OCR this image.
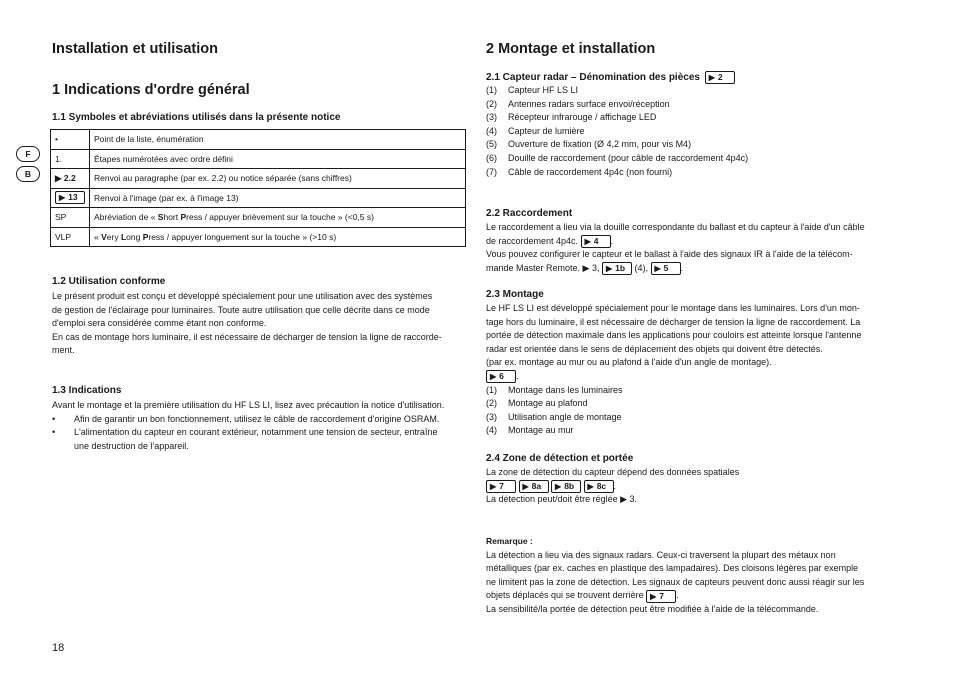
Installation et utilisation
1 Indications d'ordre général
1.1 Symboles et abréviations utilisés dans la présente notice
•	Point de la liste, énumération
1.	Étapes numérotées avec ordre défini
▶ 2.2	Renvoi au paragraphe (par ex. 2.2) ou notice séparée (sans chiffres)
▶ 13	Renvoi à l'image (par ex. à l'image 13)
SP	Abréviation de « Short Press / appuyer brièvement sur la touche » (<0,5 s)
VLP	« Very Long Press / appuyer longuement sur la touche » (>10 s)
F
B
1.2 Utilisation conforme
Le présent produit est conçu et développé spécialement pour une utilisation avec des systèmes
de gestion de l'éclairage pour luminaires. Toute autre utilisation que celle décrite dans ce mode
d'emploi sera considérée comme étant non conforme.
En cas de montage hors luminaire, il est nécessaire de décharger de tension la ligne de raccorde-
ment.
1.3 Indications
Avant le montage et la première utilisation du HF LS LI, lisez avec précaution la notice d'utilisation.
• Afin de garantir un bon fonctionnement, utilisez le câble de raccordement d'origine OSRAM.
• L'alimentation du capteur en courant extérieur, notamment une tension de secteur, entraîne
une destruction de l'appareil.
18
2 Montage et installation
2.1 Capteur radar – Dénomination des pièces ▶ 2
(1) Capteur HF LS LI
(2) Antennes radars surface envoi/réception
(3) Récepteur infrarouge / affichage LED
(4) Capteur de lumière
(5) Ouverture de fixation (Ø 4,2 mm, pour vis M4)
(6) Douille de raccordement (pour câble de raccordement 4p4c)
(7) Câble de raccordement 4p4c (non fourni)
2.2 Raccordement
Le raccordement a lieu via la douille correspondante du ballast et du capteur à l'aide d'un câble
de raccordement 4p4c. ▶ 4 .
Vous pouvez configurer le capteur et le ballast à l'aide des signaux IR à l'aide de la télécom-
mande Master Remote. ▶ 3, ▶ 1b (4), ▶ 5 .
2.3 Montage
Le HF LS LI est développé spécialement pour le montage dans les luminaires. Lors d'un mon-
tage hors du luminaire, il est nécessaire de décharger de tension la ligne de raccordement. La
portée de détection maximale dans les applications pour couloirs est atteinte lorsque l'antenne
radar est orientée dans le sens de déplacement des objets qui doivent être détectés.
(par ex. montage au mur ou au plafond à l'aide d'un angle de montage).
▶ 6 .
(1) Montage dans les luminaires
(2) Montage au plafond
(3) Utilisation angle de montage
(4) Montage au mur
2.4 Zone de détection et portée
La zone de détection du capteur dépend des données spatiales
▶ 7 ▶ 8a ▶ 8b ▶ 8c .
La détection peut/doit être réglée ▶ 3.
Remarque :
La détection a lieu via des signaux radars. Ceux-ci traversent la plupart des métaux non
métalliques (par ex. caches en plastique des lampadaires). Des cloisons légères par exemple
ne limitent pas la zone de détection. Les signaux de capteurs peuvent donc aussi réagir sur les
objets déplacés qui se trouvent derrière ▶ 7 .
La sensibilité/la portée de détection peut être modifiée à l'aide de la télécommande.
